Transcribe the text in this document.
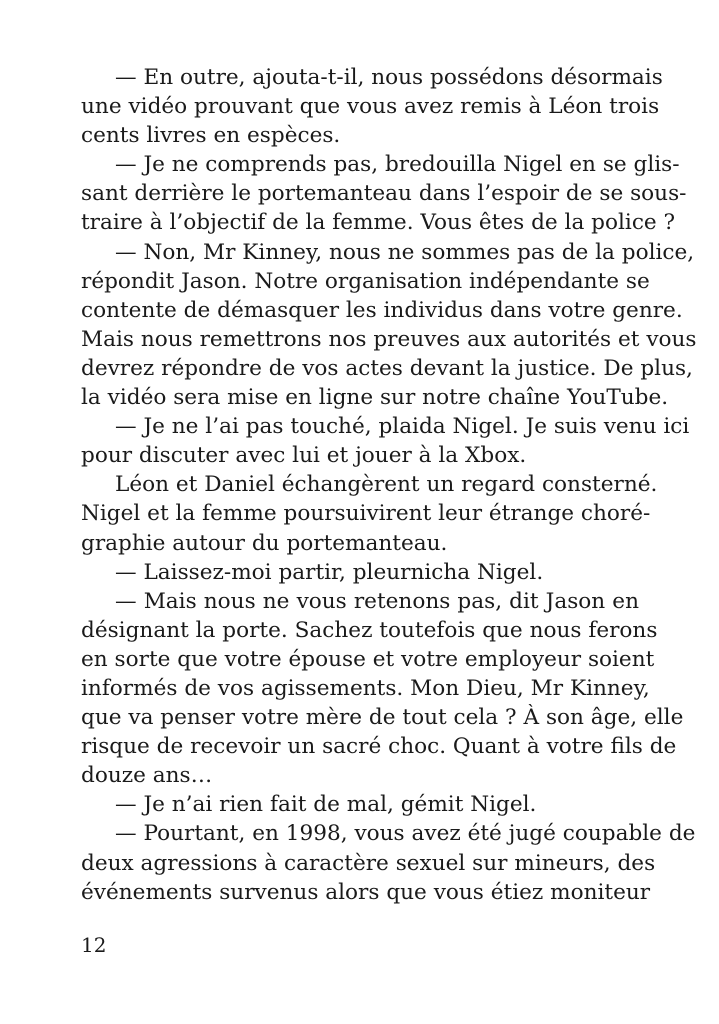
— En outre, ajouta-t-il, nous possédons désormais
une vidéo prouvant que vous avez remis à Léon trois
cents livres en espèces.
— Je ne comprends pas, bredouilla Nigel en se glis-
sant derrière le portemanteau dans l’espoir de se sous-
traire à l’objectif de la femme. Vous êtes de la police ?
— Non, Mr Kinney, nous ne sommes pas de la police,
répondit Jason. Notre organisation indépendante se
contente de démasquer les individus dans votre genre.
Mais nous remettrons nos preuves aux autorités et vous
devrez répondre de vos actes devant la justice. De plus,
la vidéo sera mise en ligne sur notre chaîne YouTube.
— Je ne l’ai pas touché, plaida Nigel. Je suis venu ici
pour discuter avec lui et jouer à la Xbox.
Léon et Daniel échangèrent un regard consterné.
Nigel et la femme poursuivirent leur étrange choré-
graphie autour du portemanteau.
— Laissez-moi partir, pleurnicha Nigel.
— Mais nous ne vous retenons pas, dit Jason en
désignant la porte. Sachez toutefois que nous ferons
en sorte que votre épouse et votre employeur soient
informés de vos agissements. Mon Dieu, Mr Kinney,
que va penser votre mère de tout cela ? À son âge, elle
risque de recevoir un sacré choc. Quant à votre fils de
douze ans…
— Je n’ai rien fait de mal, gémit Nigel.
— Pourtant, en 1998, vous avez été jugé coupable de
deux agressions à caractère sexuel sur mineurs, des
événements survenus alors que vous étiez moniteur
12
